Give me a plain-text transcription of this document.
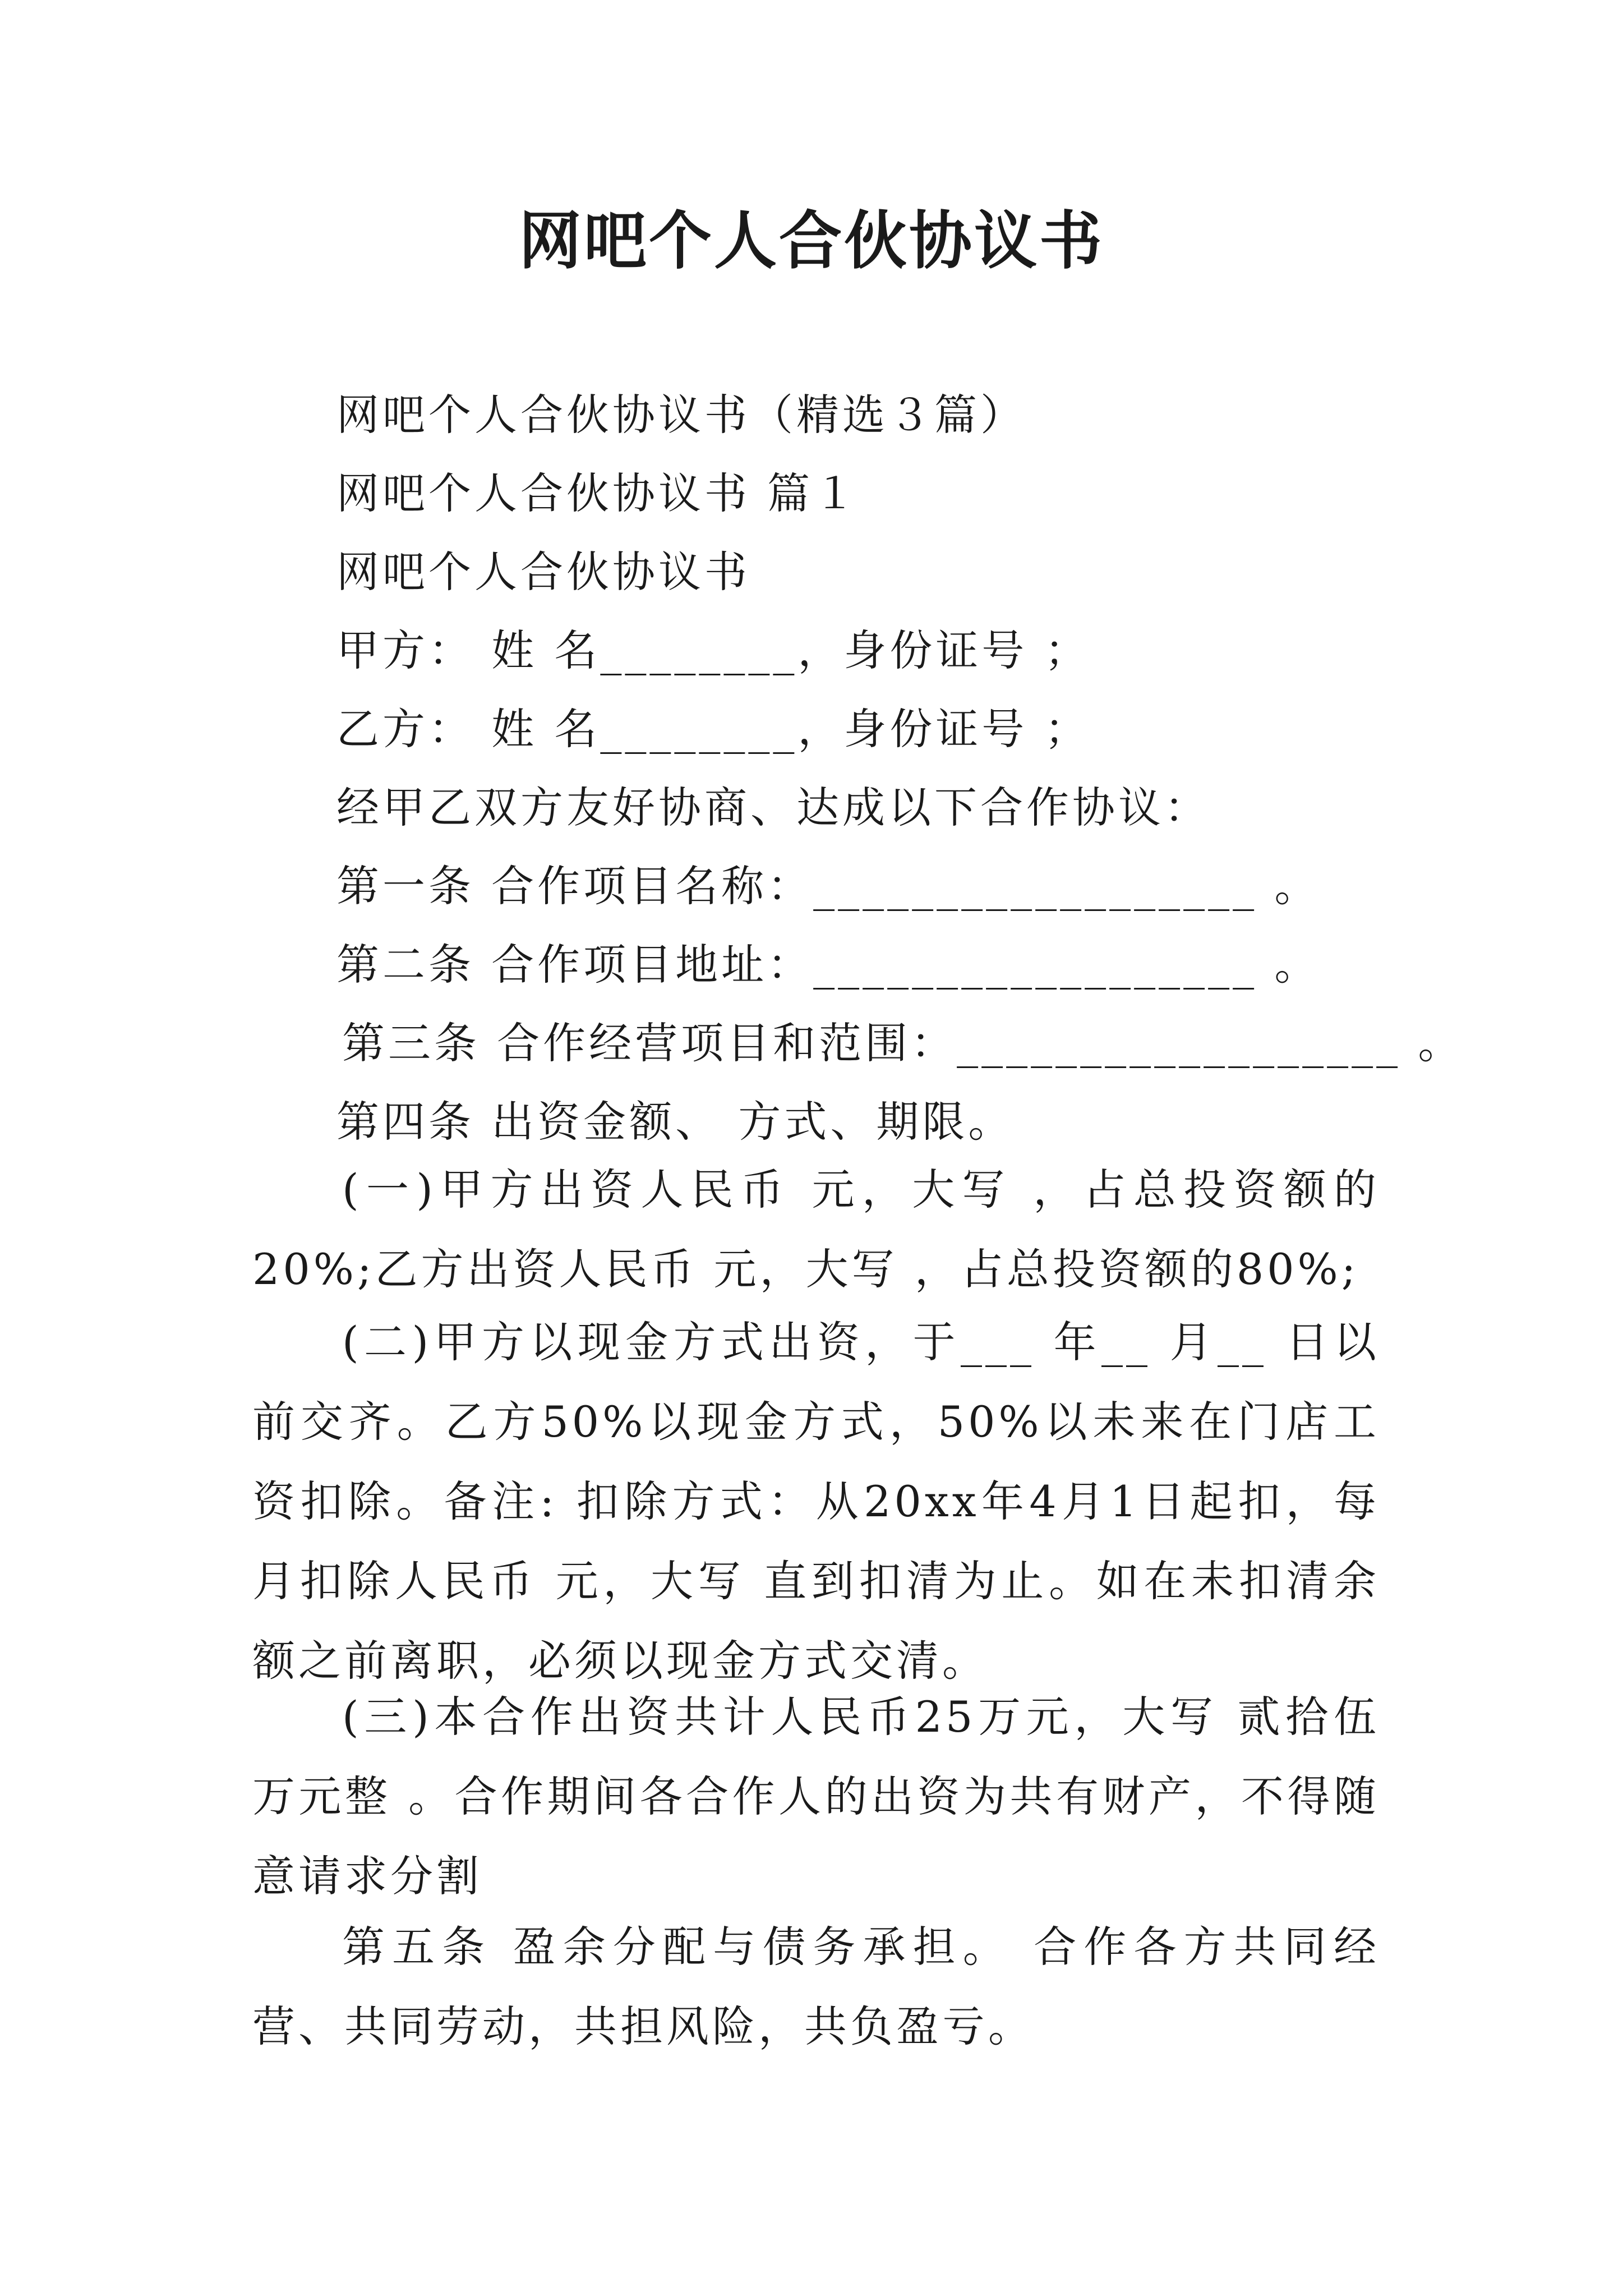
网吧个人合伙协议书
网吧个人合伙协议书（精选３篇）
网吧个人合伙协议书 篇１
网吧个人合伙协议书
甲方： 姓 名________，身份证号 ；
乙方： 姓 名________，身份证号 ；
经甲乙双方友好协商、达成以下合作协议：
第一条 合作项目名称：__________________ 。
第二条 合作项目地址：__________________ 。
第三条 合作经营项目和范围：__________________ 。
第四条 出资金额、 方式、期限。
(一)甲方出资人民币 元，大写 ，占总投资额的20%;乙方出资人民币 元，大写 ，占总投资额的80%;
(二)甲方以现金方式出资，于___ 年__ 月__ 日以前交齐。乙方50%以现金方式，50%以未来在门店工资扣除。备注: 扣除方式：从20xx年4月1日起扣，每月扣除人民币 元，大写 直到扣清为止。如在未扣清余额之前离职，必须以现金方式交清。
(三)本合作出资共计人民币25万元，大写 贰拾伍万元整 。合作期间各合作人的出资为共有财产，不得随意请求分割
第五条 盈余分配与债务承担。 合作各方共同经营、共同劳动，共担风险，共负盈亏。
